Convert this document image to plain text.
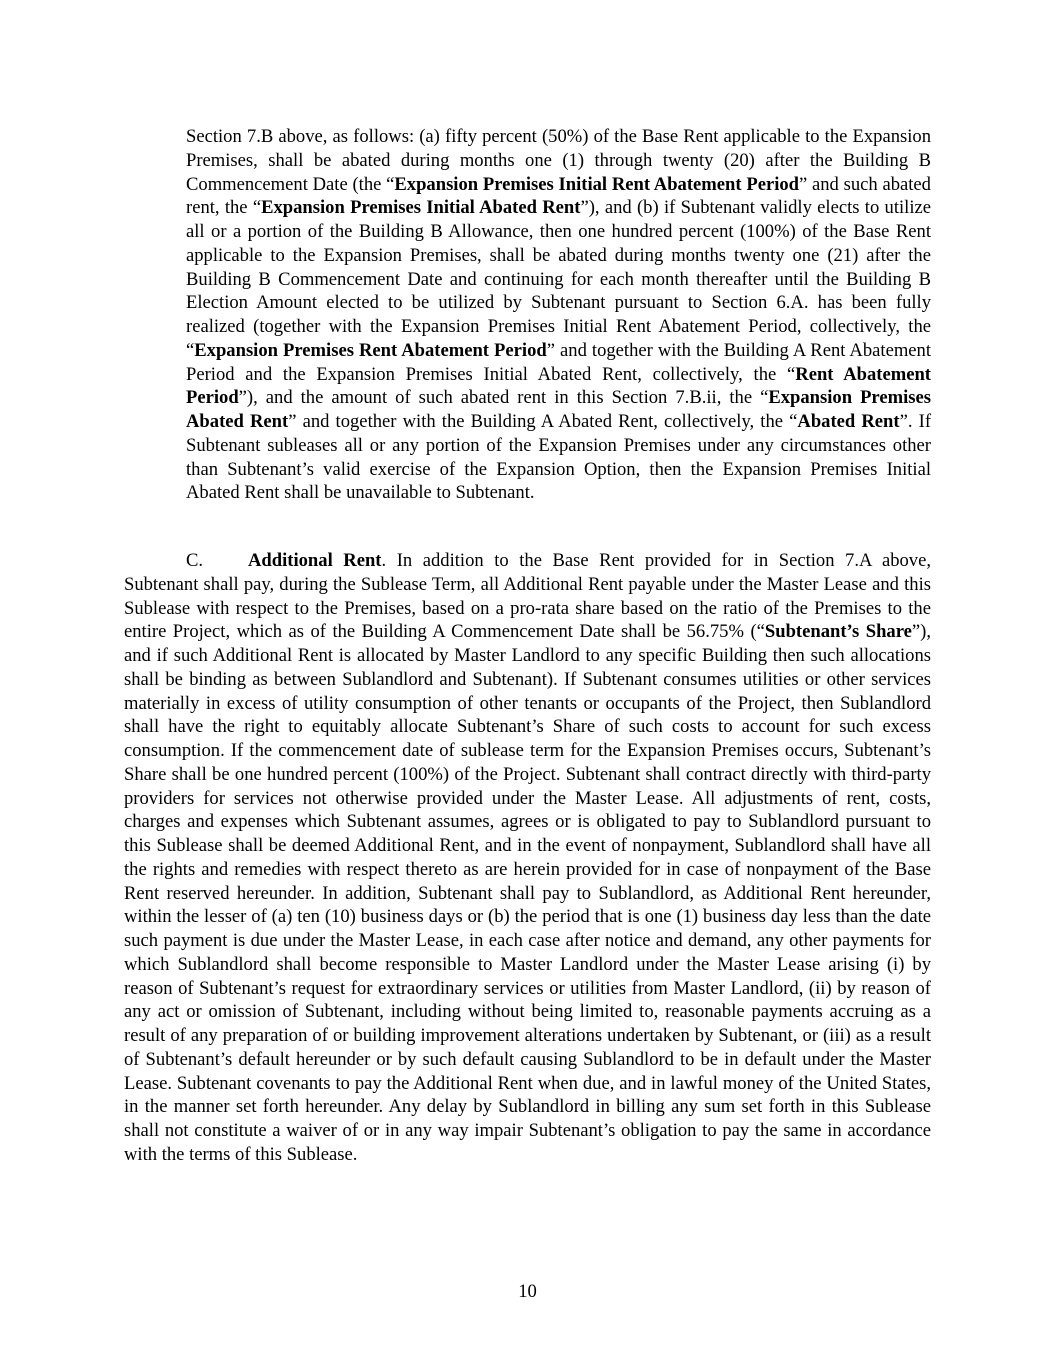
Section 7.B above, as follows: (a) fifty percent (50%) of the Base Rent applicable to the Expansion Premises, shall be abated during months one (1) through twenty (20) after the Building B Commencement Date (the “Expansion Premises Initial Rent Abatement Period” and such abated rent, the “Expansion Premises Initial Abated Rent”), and (b) if Subtenant validly elects to utilize all or a portion of the Building B Allowance, then one hundred percent (100%) of the Base Rent applicable to the Expansion Premises, shall be abated during months twenty one (21) after the Building B Commencement Date and continuing for each month thereafter until the Building B Election Amount elected to be utilized by Subtenant pursuant to Section 6.A. has been fully realized (together with the Expansion Premises Initial Rent Abatement Period, collectively, the “Expansion Premises Rent Abatement Period” and together with the Building A Rent Abatement Period and the Expansion Premises Initial Abated Rent, collectively, the “Rent Abatement Period”), and the amount of such abated rent in this Section 7.B.ii, the “Expansion Premises Abated Rent” and together with the Building A Abated Rent, collectively, the “Abated Rent”. If Subtenant subleases all or any portion of the Expansion Premises under any circumstances other than Subtenant’s valid exercise of the Expansion Option, then the Expansion Premises Initial Abated Rent shall be unavailable to Subtenant.

C. Additional Rent. In addition to the Base Rent provided for in Section 7.A above, Subtenant shall pay, during the Sublease Term, all Additional Rent payable under the Master Lease and this Sublease with respect to the Premises, based on a pro-rata share based on the ratio of the Premises to the entire Project, which as of the Building A Commencement Date shall be 56.75% (“Subtenant’s Share”), and if such Additional Rent is allocated by Master Landlord to any specific Building then such allocations shall be binding as between Sublandlord and Subtenant). If Subtenant consumes utilities or other services materially in excess of utility consumption of other tenants or occupants of the Project, then Sublandlord shall have the right to equitably allocate Subtenant’s Share of such costs to account for such excess consumption. If the commencement date of sublease term for the Expansion Premises occurs, Subtenant’s Share shall be one hundred percent (100%) of the Project. Subtenant shall contract directly with third-party providers for services not otherwise provided under the Master Lease. All adjustments of rent, costs, charges and expenses which Subtenant assumes, agrees or is obligated to pay to Sublandlord pursuant to this Sublease shall be deemed Additional Rent, and in the event of nonpayment, Sublandlord shall have all the rights and remedies with respect thereto as are herein provided for in case of nonpayment of the Base Rent reserved hereunder. In addition, Subtenant shall pay to Sublandlord, as Additional Rent hereunder, within the lesser of (a) ten (10) business days or (b) the period that is one (1) business day less than the date such payment is due under the Master Lease, in each case after notice and demand, any other payments for which Sublandlord shall become responsible to Master Landlord under the Master Lease arising (i) by reason of Subtenant’s request for extraordinary services or utilities from Master Landlord, (ii) by reason of any act or omission of Subtenant, including without being limited to, reasonable payments accruing as a result of any preparation of or building improvement alterations undertaken by Subtenant, or (iii) as a result of Subtenant’s default hereunder or by such default causing Sublandlord to be in default under the Master Lease. Subtenant covenants to pay the Additional Rent when due, and in lawful money of the United States, in the manner set forth hereunder. Any delay by Sublandlord in billing any sum set forth in this Sublease shall not constitute a waiver of or in any way impair Subtenant’s obligation to pay the same in accordance with the terms of this Sublease.

10
